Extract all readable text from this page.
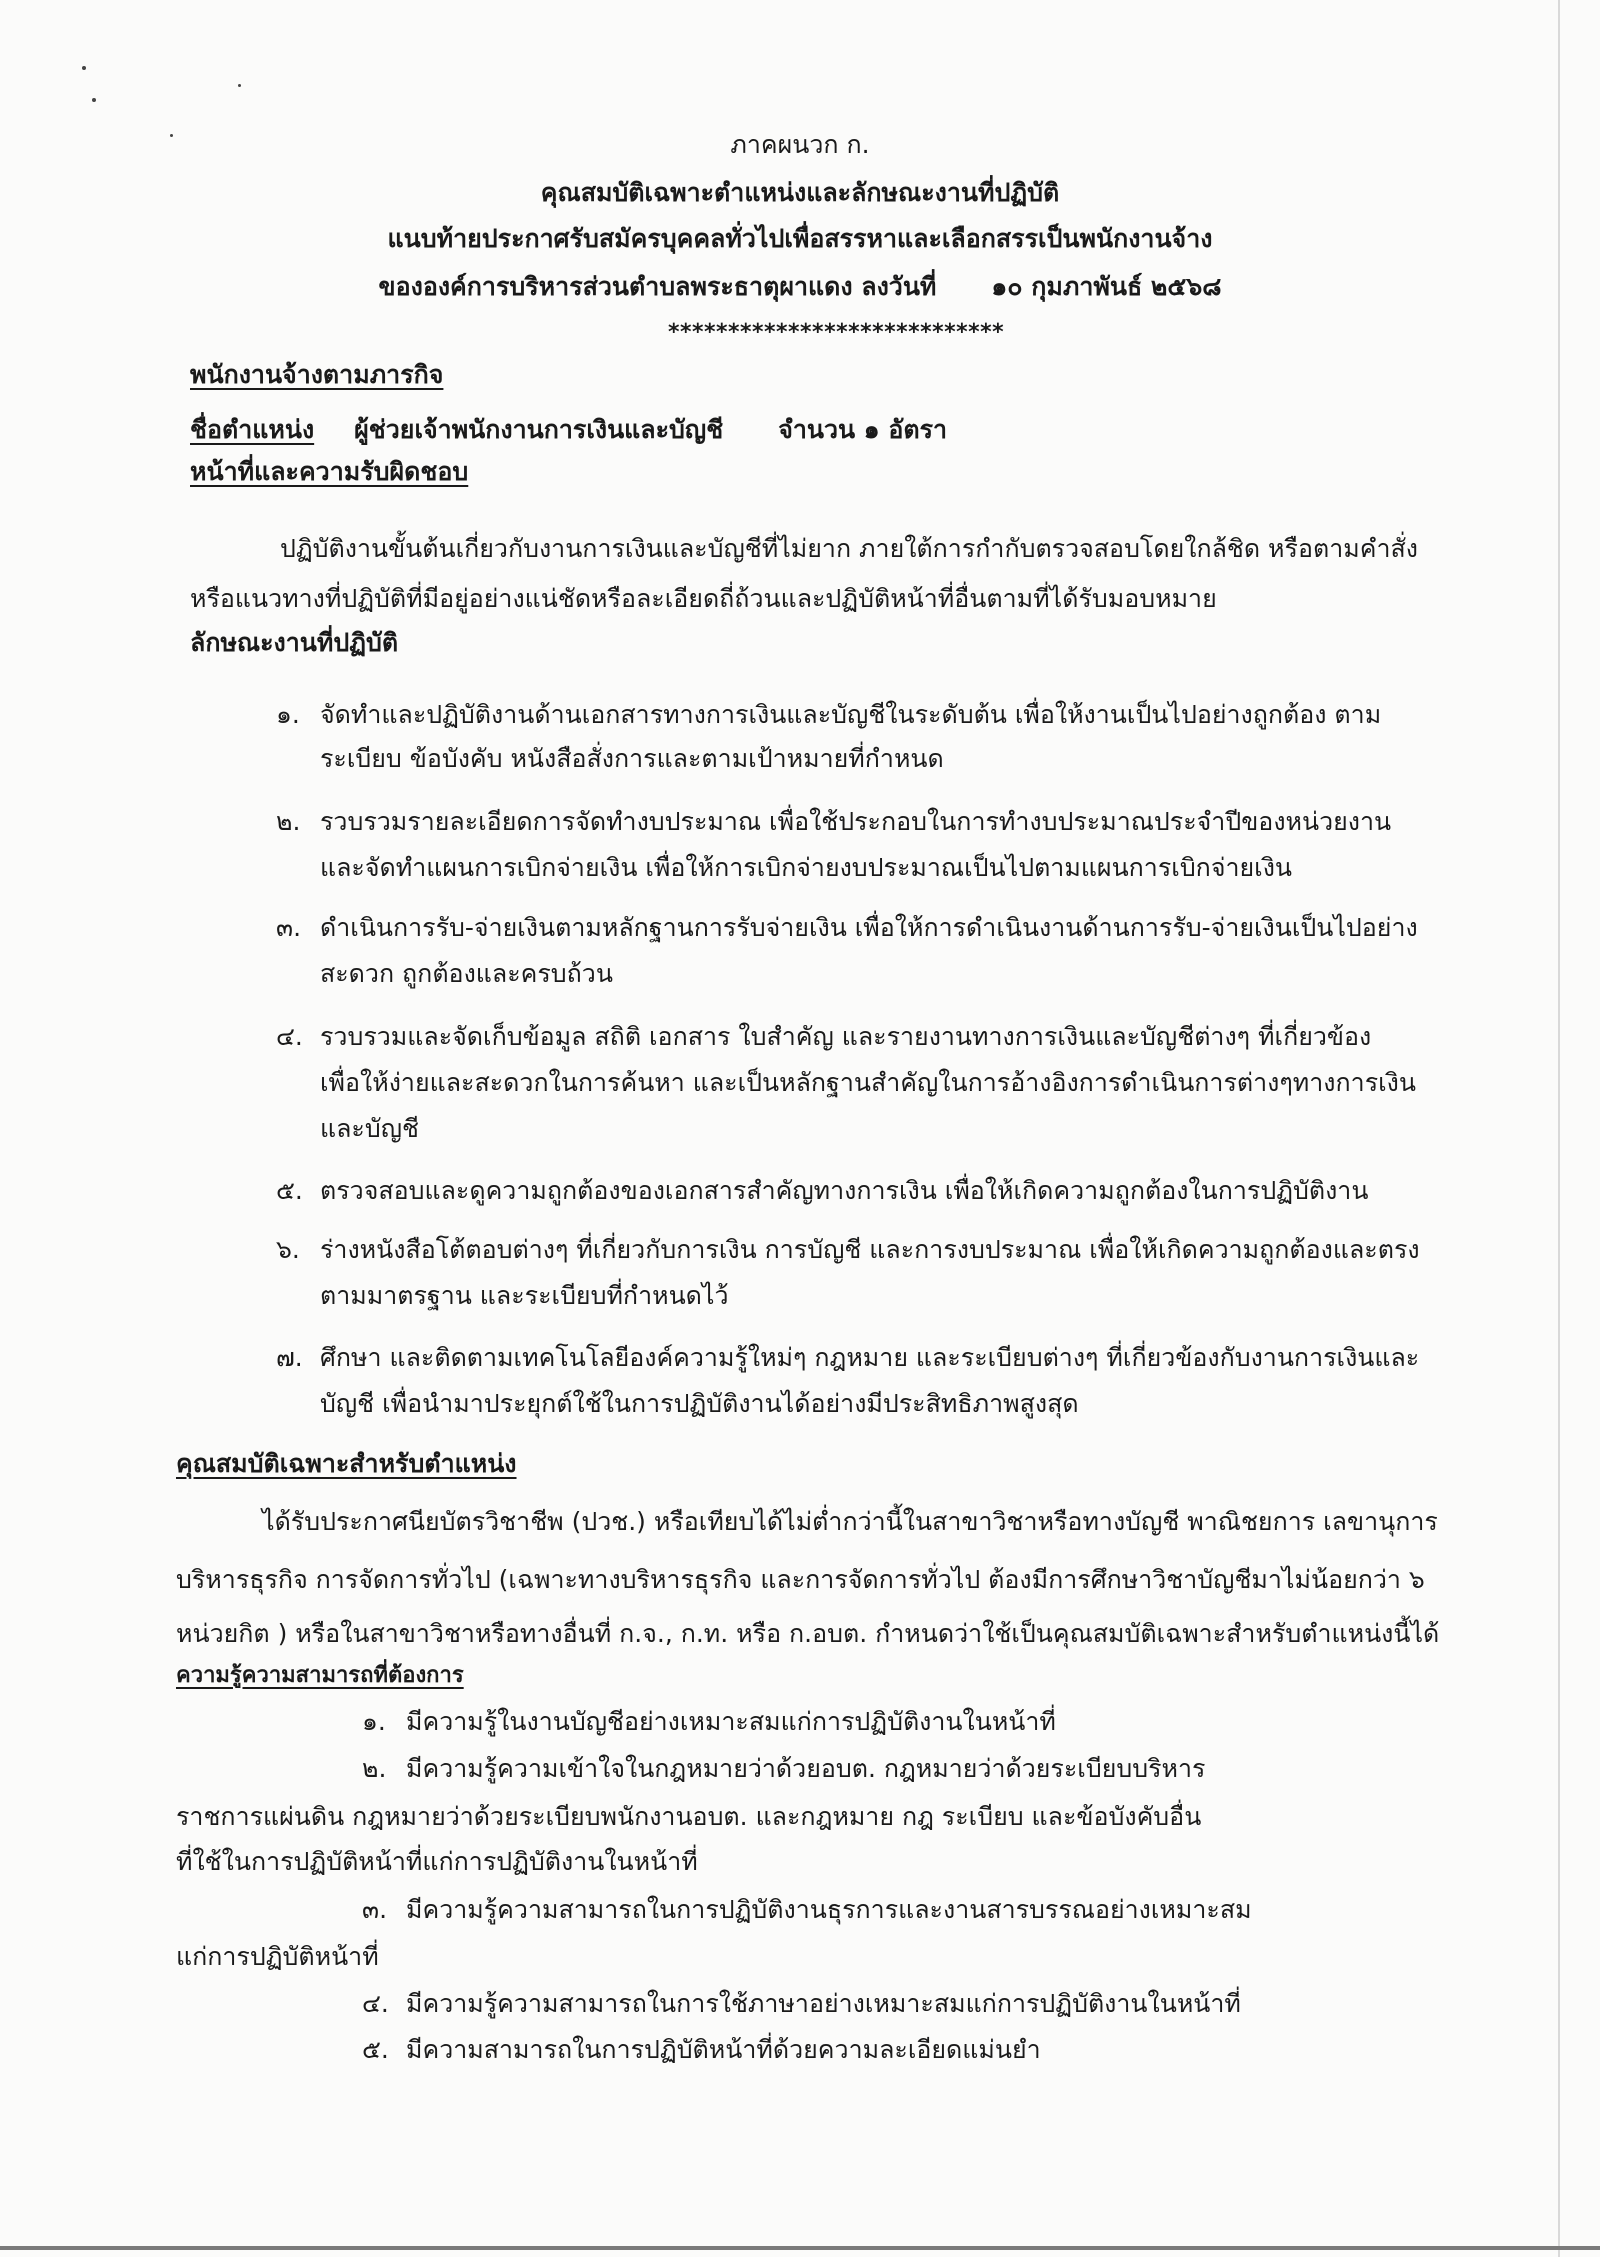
ภาคผนวก ก.
คุณสมบัติเฉพาะตำแหน่งและลักษณะงานที่ปฏิบัติ
แนบท้ายประกาศรับสมัครบุคคลทั่วไปเพื่อสรรหาและเลือกสรรเป็นพนักงานจ้าง
ขององค์การบริหารส่วนตำบลพระธาตุผาแดง ลงวันที่ ๑๐ กุมภาพันธ์ ๒๕๖๘
****************************
พนักงานจ้างตามภารกิจ
ชื่อตำแหน่ง ผู้ช่วยเจ้าพนักงานการเงินและบัญชี จำนวน ๑ อัตรา
หน้าที่และความรับผิดชอบ
ปฏิบัติงานขั้นต้นเกี่ยวกับงานการเงินและบัญชีที่ไม่ยาก ภายใต้การกำกับตรวจสอบโดยใกล้ชิด หรือตามคำสั่ง
หรือแนวทางที่ปฏิบัติที่มีอยู่อย่างแน่ชัดหรือละเอียดถี่ถ้วนและปฏิบัติหน้าที่อื่นตามที่ได้รับมอบหมาย
ลักษณะงานที่ปฏิบัติ
๑. จัดทำและปฏิบัติงานด้านเอกสารทางการเงินและบัญชีในระดับต้น เพื่อให้งานเป็นไปอย่างถูกต้อง ตาม
ระเบียบ ข้อบังคับ หนังสือสั่งการและตามเป้าหมายที่กำหนด
๒. รวบรวมรายละเอียดการจัดทำงบประมาณ เพื่อใช้ประกอบในการทำงบประมาณประจำปีของหน่วยงาน
และจัดทำแผนการเบิกจ่ายเงิน เพื่อให้การเบิกจ่ายงบประมาณเป็นไปตามแผนการเบิกจ่ายเงิน
๓. ดำเนินการรับ-จ่ายเงินตามหลักฐานการรับจ่ายเงิน เพื่อให้การดำเนินงานด้านการรับ-จ่ายเงินเป็นไปอย่าง
สะดวก ถูกต้องและครบถ้วน
๔. รวบรวมและจัดเก็บข้อมูล สถิติ เอกสาร ใบสำคัญ และรายงานทางการเงินและบัญชีต่างๆ ที่เกี่ยวข้อง
เพื่อให้ง่ายและสะดวกในการค้นหา และเป็นหลักฐานสำคัญในการอ้างอิงการดำเนินการต่างๆทางการเงิน
และบัญชี
๕. ตรวจสอบและดูความถูกต้องของเอกสารสำคัญทางการเงิน เพื่อให้เกิดความถูกต้องในการปฏิบัติงาน
๖. ร่างหนังสือโต้ตอบต่างๆ ที่เกี่ยวกับการเงิน การบัญชี และการงบประมาณ เพื่อให้เกิดความถูกต้องและตรง
ตามมาตรฐาน และระเบียบที่กำหนดไว้
๗. ศึกษา และติดตามเทคโนโลยีองค์ความรู้ใหม่ๆ กฎหมาย และระเบียบต่างๆ ที่เกี่ยวข้องกับงานการเงินและ
บัญชี เพื่อนำมาประยุกต์ใช้ในการปฏิบัติงานได้อย่างมีประสิทธิภาพสูงสุด
คุณสมบัติเฉพาะสำหรับตำแหน่ง
ได้รับประกาศนียบัตรวิชาชีพ (ปวช.) หรือเทียบได้ไม่ต่ำกว่านี้ในสาขาวิชาหรือทางบัญชี พาณิชยการ เลขานุการ
บริหารธุรกิจ การจัดการทั่วไป (เฉพาะทางบริหารธุรกิจ และการจัดการทั่วไป ต้องมีการศึกษาวิชาบัญชีมาไม่น้อยกว่า ๖
หน่วยกิต ) หรือในสาขาวิชาหรือทางอื่นที่ ก.จ., ก.ท. หรือ ก.อบต. กำหนดว่าใช้เป็นคุณสมบัติเฉพาะสำหรับตำแหน่งนี้ได้
ความรู้ความสามารถที่ต้องการ
๑. มีความรู้ในงานบัญชีอย่างเหมาะสมแก่การปฏิบัติงานในหน้าที่
๒. มีความรู้ความเข้าใจในกฎหมายว่าด้วยอบต. กฎหมายว่าด้วยระเบียบบริหาร
ราชการแผ่นดิน กฎหมายว่าด้วยระเบียบพนักงานอบต. และกฎหมาย กฎ ระเบียบ และข้อบังคับอื่น
ที่ใช้ในการปฏิบัติหน้าที่แก่การปฏิบัติงานในหน้าที่
๓. มีความรู้ความสามารถในการปฏิบัติงานธุรการและงานสารบรรณอย่างเหมาะสม
แก่การปฏิบัติหน้าที่
๔. มีความรู้ความสามารถในการใช้ภาษาอย่างเหมาะสมแก่การปฏิบัติงานในหน้าที่
๕. มีความสามารถในการปฏิบัติหน้าที่ด้วยความละเอียดแม่นยำ
